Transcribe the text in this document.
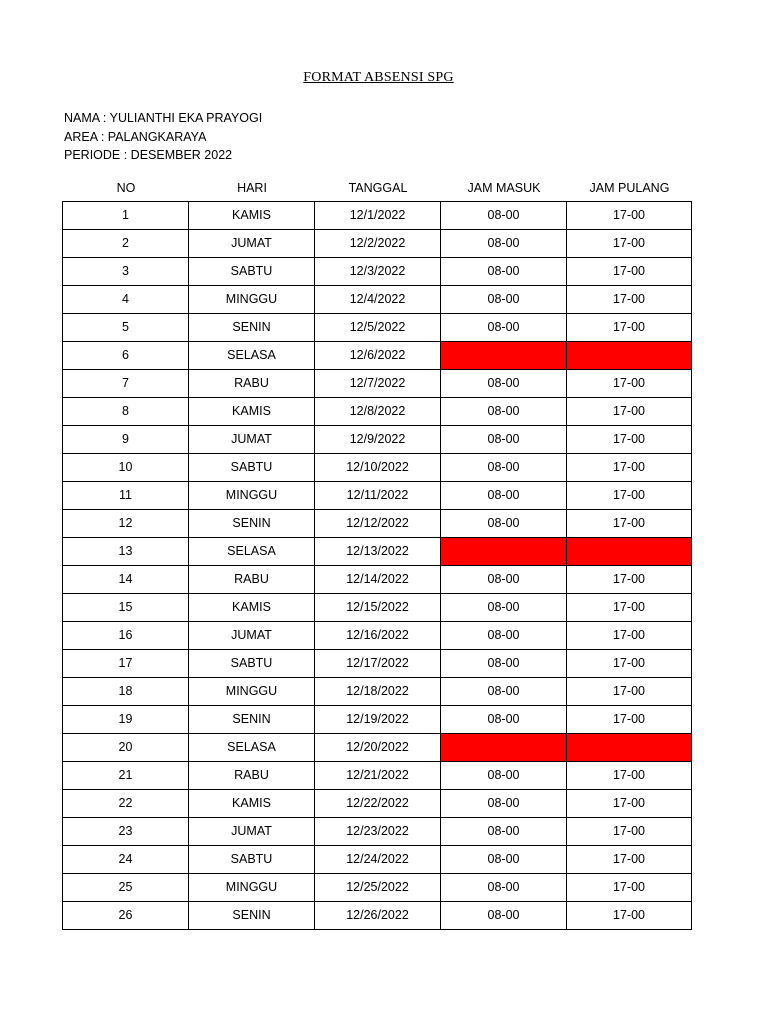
FORMAT ABSENSI SPG
NAMA : YULIANTHI EKA PRAYOGI
AREA : PALANGKARAYA
PERIODE : DESEMBER 2022
NO	HARI	TANGGAL	JAM MASUK	JAM PULANG
1	KAMIS	12/1/2022	08-00	17-00
2	JUMAT	12/2/2022	08-00	17-00
3	SABTU	12/3/2022	08-00	17-00
4	MINGGU	12/4/2022	08-00	17-00
5	SENIN	12/5/2022	08-00	17-00
6	SELASA	12/6/2022		
7	RABU	12/7/2022	08-00	17-00
8	KAMIS	12/8/2022	08-00	17-00
9	JUMAT	12/9/2022	08-00	17-00
10	SABTU	12/10/2022	08-00	17-00
11	MINGGU	12/11/2022	08-00	17-00
12	SENIN	12/12/2022	08-00	17-00
13	SELASA	12/13/2022		
14	RABU	12/14/2022	08-00	17-00
15	KAMIS	12/15/2022	08-00	17-00
16	JUMAT	12/16/2022	08-00	17-00
17	SABTU	12/17/2022	08-00	17-00
18	MINGGU	12/18/2022	08-00	17-00
19	SENIN	12/19/2022	08-00	17-00
20	SELASA	12/20/2022		
21	RABU	12/21/2022	08-00	17-00
22	KAMIS	12/22/2022	08-00	17-00
23	JUMAT	12/23/2022	08-00	17-00
24	SABTU	12/24/2022	08-00	17-00
25	MINGGU	12/25/2022	08-00	17-00
26	SENIN	12/26/2022	08-00	17-00
